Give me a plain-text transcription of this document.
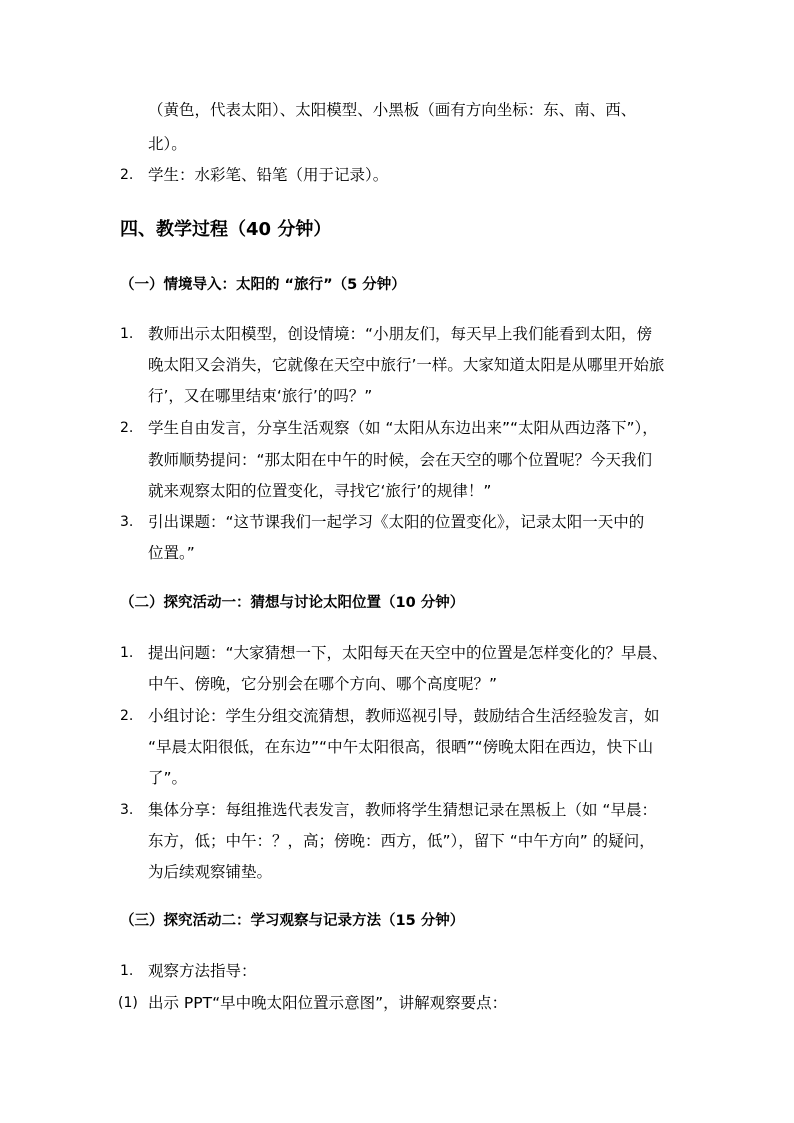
（黄色，代表太阳）、太阳模型、小黑板（画有方向坐标：东、南、西、
北）。
2. 学生：水彩笔、铅笔（用于记录）。
四、教学过程（40 分钟）
（一）情境导入：太阳的 “旅行”（5 分钟）
1. 教师出示太阳模型，创设情境：“小朋友们，每天早上我们能看到太阳，傍
晚太阳又会消失，它就像在天空中旅行’一样。大家知道太阳是从哪里开始旅
行’，又在哪里结束‘旅行’的吗？”
2. 学生自由发言，分享生活观察（如 “太阳从东边出来”“太阳从西边落下”），
教师顺势提问：“那太阳在中午的时候，会在天空的哪个位置呢？今天我们
就来观察太阳的位置变化，寻找它‘旅行’的规律！”
3. 引出课题：“这节课我们一起学习《太阳的位置变化》，记录太阳一天中的
位置。”
（二）探究活动一：猜想与讨论太阳位置（10 分钟）
1. 提出问题：“大家猜想一下，太阳每天在天空中的位置是怎样变化的？早晨、
中午、傍晚，它分别会在哪个方向、哪个高度呢？”
2. 小组讨论：学生分组交流猜想，教师巡视引导，鼓励结合生活经验发言，如
“早晨太阳很低，在东边”“中午太阳很高，很晒”“傍晚太阳在西边，快下山
了”。
3. 集体分享：每组推选代表发言，教师将学生猜想记录在黑板上（如 “早晨：
东方，低；中午：？，高；傍晚：西方，低”），留下 “中午方向” 的疑问，
为后续观察铺垫。
（三）探究活动二：学习观察与记录方法（15 分钟）
1. 观察方法指导：
(1) 出示 PPT“早中晚太阳位置示意图”，讲解观察要点：
